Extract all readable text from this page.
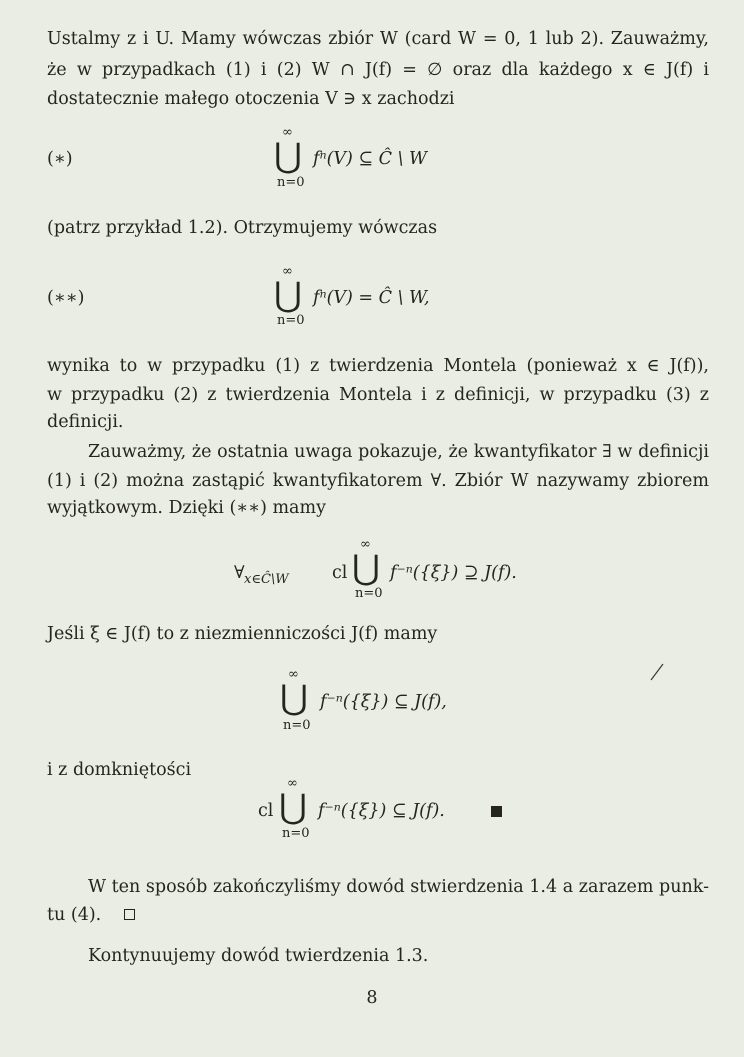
Ustalmy z i U. Mamy wówczas zbiór W (card W = 0, 1 lub 2). Zauważmy,
że w przypadkach (1) i (2) W ∩ J(f) = ∅ oraz dla każdego x ∈ J(f) i
dostatecznie małego otoczenia V ∋ x zachodzi
(∗)
∞
⋃
n=0
fⁿ(V) ⊆ Ĉ \ W
(patrz przykład 1.2). Otrzymujemy wówczas
(∗∗)
∞
⋃
n=0
fⁿ(V) = Ĉ \ W,
wynika to w przypadku (1) z twierdzenia Montela (ponieważ x ∈ J(f)),
w przypadku (2) z twierdzenia Montela i z definicji, w przypadku (3) z
definicji.
Zauważmy, że ostatnia uwaga pokazuje, że kwantyfikator ∃ w definicji
(1) i (2) można zastąpić kwantyfikatorem ∀. Zbiór W nazywamy zbiorem
wyjątkowym. Dzięki (∗∗) mamy
∀ x∈Ĉ\W cl
∞
⋃
n=0
f⁻ⁿ({ξ}) ⊇ J(f).
Jeśli ξ ∈ J(f) to z niezmienniczości J(f) mamy
∞
⋃
n=0
f⁻ⁿ({ξ}) ⊆ J(f),
i z domkniętości
cl
∞
⋃
n=0
f⁻ⁿ({ξ}) ⊆ J(f).
W ten sposób zakończyliśmy dowód stwierdzenia 1.4 a zarazem punk-
tu (4).
Kontynuujemy dowód twierdzenia 1.3.
8
